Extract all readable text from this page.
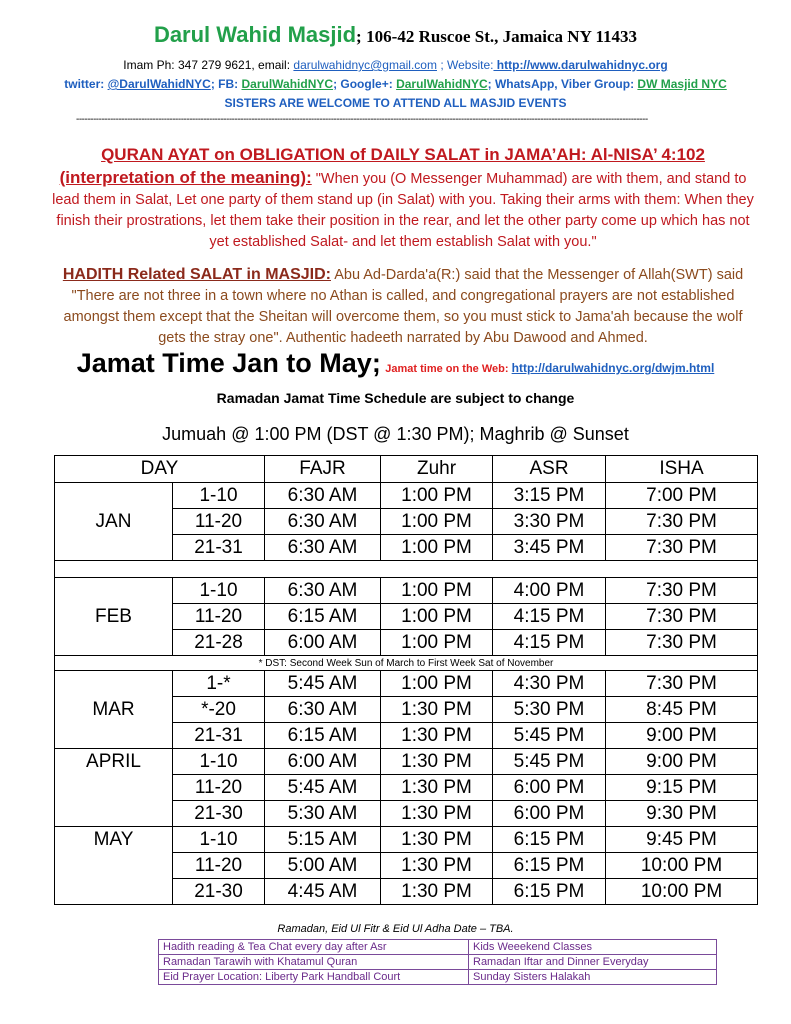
Darul Wahid Masjid; 106-42 Ruscoe St., Jamaica NY 11433
Imam Ph: 347 279 9621, email: darulwahidnyc@gmail.com ; Website: http://www.darulwahidnyc.org
twitter: @DarulWahidNYC; FB: DarulWahidNYC; Google+: DarulWahidNYC; WhatsApp, Viber Group: DW Masjid NYC
SISTERS ARE WELCOME TO ATTEND ALL MASJID EVENTS
----------------------------------------------------------------------------------------------------------------------------------------------------------------------------------------------------------
QURAN AYAT on OBLIGATION of DAILY SALAT in JAMA’AH: Al-NISA’ 4:102
(interpretation of the meaning): "When you (O Messenger Muhammad) are with them, and stand to lead them in Salat, Let one party of them stand up (in Salat) with you. Taking their arms with them: When they finish their prostrations, let them take their position in the rear, and let the other party come up which has not yet established Salat- and let them establish Salat with you."
HADITH Related SALAT in MASJID: Abu Ad-Darda'a(R:) said that the Messenger of Allah(SWT) said "There are not three in a town where no Athan is called, and congregational prayers are not established amongst them except that the Sheitan will overcome them, so you must stick to Jama'ah because the wolf gets the stray one". Authentic hadeeth narrated by Abu Dawood and Ahmed.
Jamat Time Jan to May; Jamat time on the Web: http://darulwahidnyc.org/dwjm.html
Ramadan Jamat Time Schedule are subject to change
Jumuah @ 1:00 PM (DST @ 1:30 PM); Maghrib @ Sunset
DAY		FAJR	Zuhr	ASR	ISHA
JAN	1-10	6:30 AM	1:00 PM	3:15 PM	7:00 PM
	11-20	6:30 AM	1:00 PM	3:30 PM	7:30 PM
	21-31	6:30 AM	1:00 PM	3:45 PM	7:30 PM

FEB	1-10	6:30 AM	1:00 PM	4:00 PM	7:30 PM
	11-20	6:15 AM	1:00 PM	4:15 PM	7:30 PM
	21-28	6:00 AM	1:00 PM	4:15 PM	7:30 PM
* DST: Second Week Sun of March to First Week Sat of November					
MAR	1-*	5:45 AM	1:00 PM	4:30 PM	7:30 PM
	*-20	6:30 AM	1:30 PM	5:30 PM	8:45 PM
	21-31	6:15 AM	1:30 PM	5:45 PM	9:00 PM
APRIL	1-10	6:00 AM	1:30 PM	5:45 PM	9:00 PM
	11-20	5:45 AM	1:30 PM	6:00 PM	9:15 PM
	21-30	5:30 AM	1:30 PM	6:00 PM	9:30 PM
MAY	1-10	5:15 AM	1:30 PM	6:15 PM	9:45 PM
	11-20	5:00 AM	1:30 PM	6:15 PM	10:00 PM
	21-30	4:45 AM	1:30 PM	6:15 PM	10:00 PM
Ramadan, Eid Ul Fitr & Eid Ul Adha Date – TBA.
Hadith reading & Tea Chat every day after Asr	Kids Weeekend Classes
Ramadan Tarawih with Khatamul Quran	Ramadan Iftar and Dinner Everyday
Eid Prayer Location: Liberty Park Handball Court	Sunday Sisters Halakah
